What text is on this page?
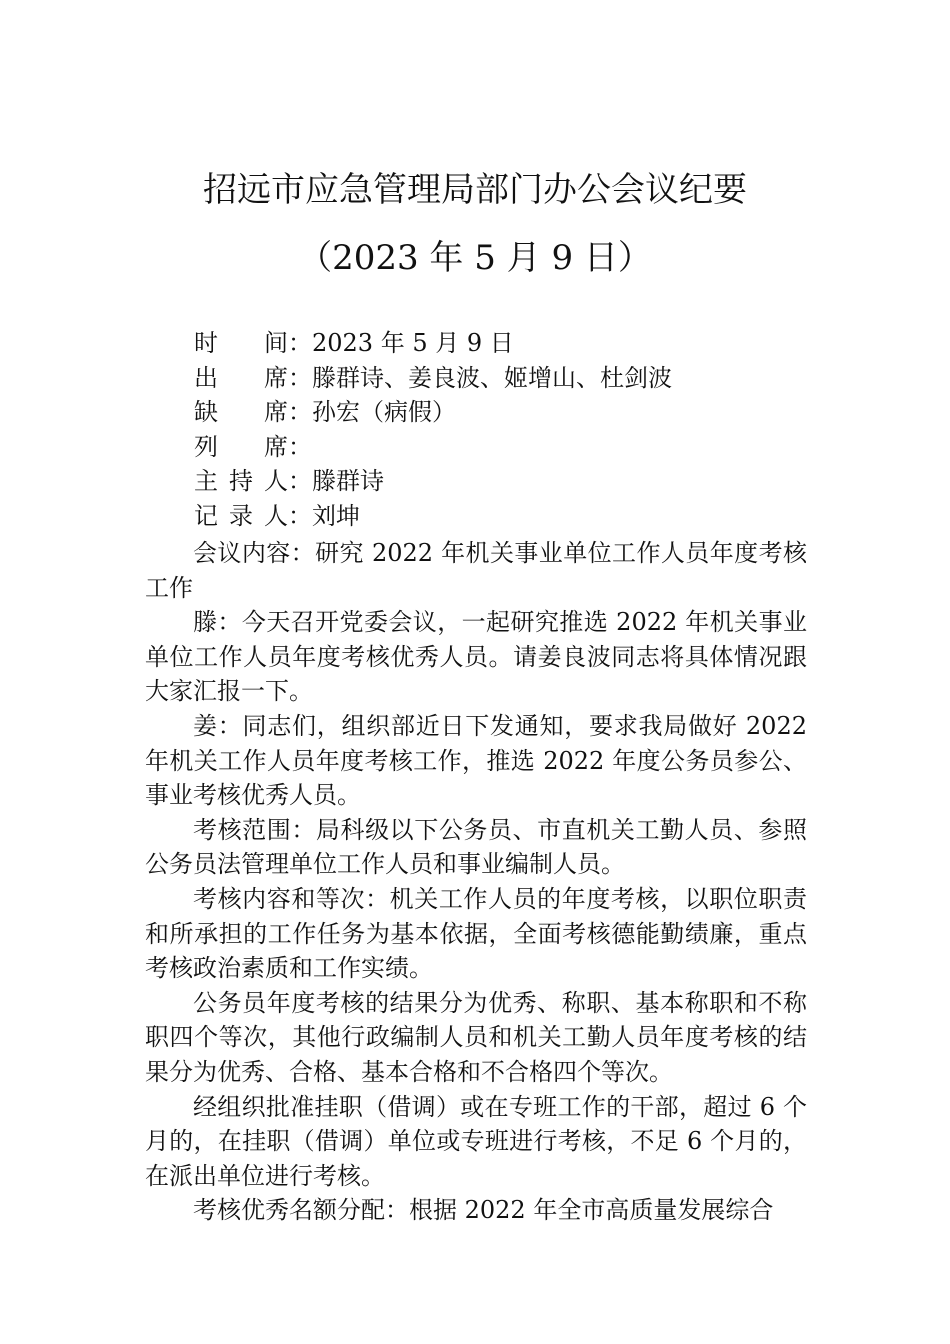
招远市应急管理局部门办公会议纪要
（2023 年 5 月 9 日）
时间：2023 年 5 月 9 日
出席：滕群诗、姜良波、姬增山、杜剑波
缺席：孙宏（病假）
列席：
主持人：滕群诗
记录人：刘坤

会议内容：研究 2022 年机关事业单位工作人员年度考核工作

滕：今天召开党委会议，一起研究推选 2022 年机关事业单位工作人员年度考核优秀人员。请姜良波同志将具体情况跟大家汇报一下。

姜：同志们，组织部近日下发通知，要求我局做好 2022 年机关工作人员年度考核工作，推选 2022 年度公务员参公、事业考核优秀人员。

考核范围：局科级以下公务员、市直机关工勤人员、参照公务员法管理单位工作人员和事业编制人员。

考核内容和等次：机关工作人员的年度考核，以职位职责和所承担的工作任务为基本依据，全面考核德能勤绩廉，重点考核政治素质和工作实绩。

公务员年度考核的结果分为优秀、称职、基本称职和不称职四个等次，其他行政编制人员和机关工勤人员年度考核的结果分为优秀、合格、基本合格和不合格四个等次。

经组织批准挂职（借调）或在专班工作的干部，超过 6 个月的，在挂职（借调）单位或专班进行考核，不足 6 个月的，在派出单位进行考核。

考核优秀名额分配：根据 2022 年全市高质量发展综合
